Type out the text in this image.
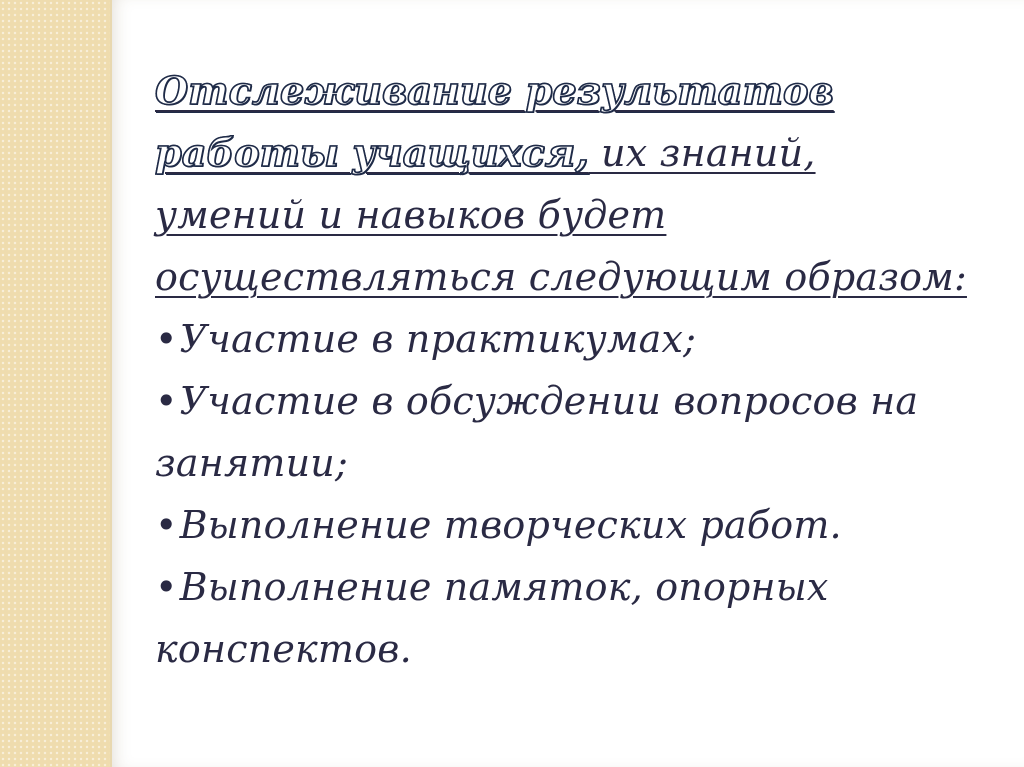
Отслеживание результатов работы учащихся, их знаний, умений и навыков будет осуществляться следующим образом:

•Участие в практикумах;

•Участие в обсуждении вопросов на занятии;

•Выполнение творческих работ.

•Выполнение памяток, опорных конспектов.
